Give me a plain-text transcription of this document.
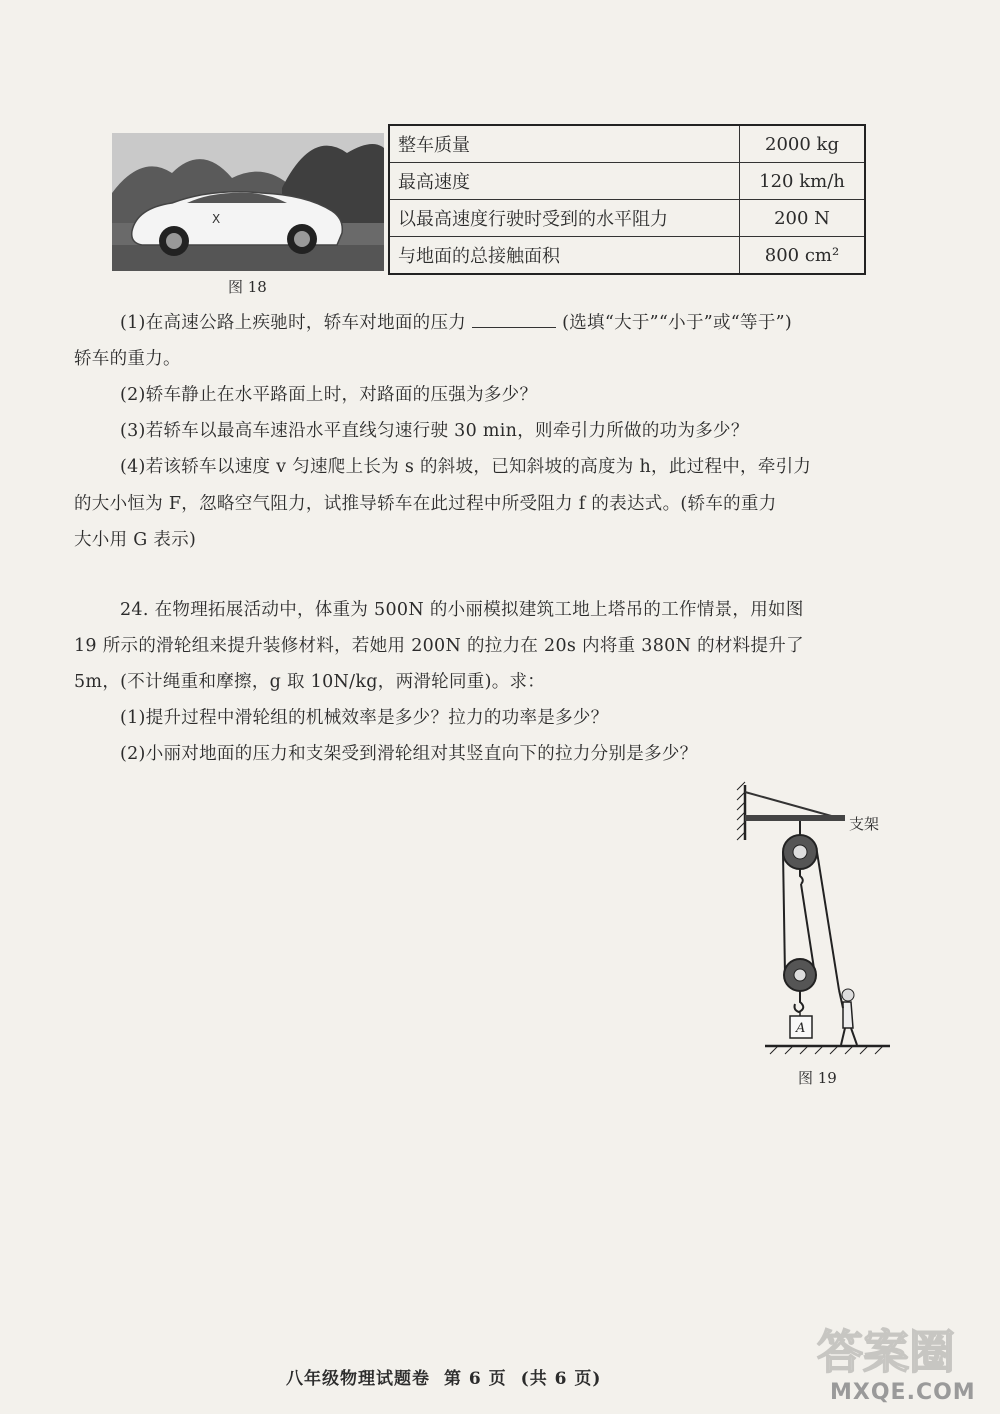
X
图 18
整车质量	2000 kg
最高速度	120 km/h
以最高速度行驶时受到的水平阻力	200 N
与地面的总接触面积	800 cm²
(1)在高速公路上疾驰时，轿车对地面的压力	(选填“大于”“小于”或“等于”)
轿车的重力。
(2)轿车静止在水平路面上时，对路面的压强为多少？
(3)若轿车以最高车速沿水平直线匀速行驶 30 min，则牵引力所做的功为多少？
(4)若该轿车以速度 v 匀速爬上长为 s 的斜坡，已知斜坡的高度为 h，此过程中，牵引力
的大小恒为 F，忽略空气阻力，试推导轿车在此过程中所受阻力 f 的表达式。(轿车的重力
大小用 G 表示)
24. 在物理拓展活动中，体重为 500N 的小丽模拟建筑工地上塔吊的工作情景，用如图
19 所示的滑轮组来提升装修材料，若她用 200N 的拉力在 20s 内将重 380N 的材料提升了
5m，(不计绳重和摩擦，g 取 10N/kg，两滑轮同重)。求：
(1)提升过程中滑轮组的机械效率是多少？拉力的功率是多少？
(2)小丽对地面的压力和支架受到滑轮组对其竖直向下的拉力分别是多少？
A
支架
图 19
八年级物理试题卷 第 6 页 (共 6 页)	答案圈
MXQE.COM
